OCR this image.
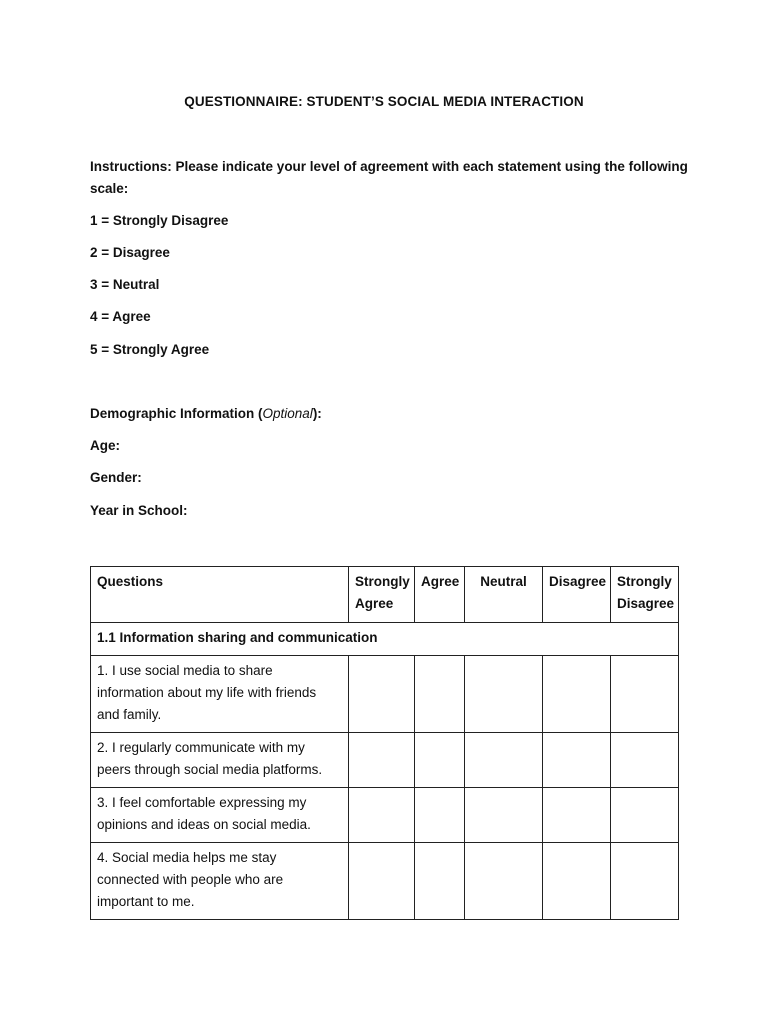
QUESTIONNAIRE: STUDENT’S SOCIAL MEDIA INTERACTION
Instructions: Please indicate your level of agreement with each statement using the following scale:
1 = Strongly Disagree
2 = Disagree
3 = Neutral
4 = Agree
5 = Strongly Agree
Demographic Information (Optional):
Age:
Gender:
Year in School:
Questions	Strongly Agree	Agree	Neutral	Disagree	Strongly Disagree
1.1 Information sharing and communication					
1. I use social media to share information about my life with friends and family.					
2. I regularly communicate with my peers through social media platforms.					
3. I feel comfortable expressing my opinions and ideas on social media.					
4. Social media helps me stay connected with people who are important to me.					
